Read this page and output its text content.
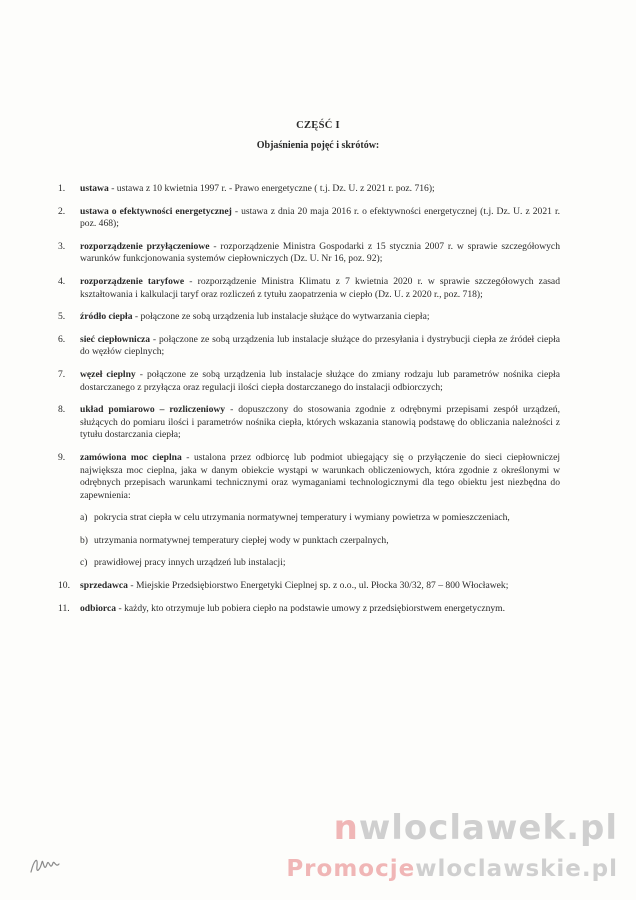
CZĘŚĆ I
Objaśnienia pojęć i skrótów:
1.	ustawa - ustawa z 10 kwietnia 1997 r. - Prawo energetyczne ( t.j. Dz. U. z 2021 r. poz. 716);
2.	ustawa o efektywności energetycznej - ustawa z dnia 20 maja 2016 r. o efektywności energetycznej (t.j. Dz. U. z 2021 r. poz. 468);
3.	rozporządzenie przyłączeniowe - rozporządzenie Ministra Gospodarki z 15 stycznia 2007 r. w sprawie szczegółowych warunków funkcjonowania systemów ciepłowniczych (Dz. U. Nr 16, poz. 92);
4.	rozporządzenie taryfowe - rozporządzenie Ministra Klimatu z 7 kwietnia 2020 r. w sprawie szczegółowych zasad kształtowania i kalkulacji taryf oraz rozliczeń z tytułu zaopatrzenia w ciepło (Dz. U. z 2020 r., poz. 718);
5.	źródło ciepła - połączone ze sobą urządzenia lub instalacje służące do wytwarzania ciepła;
6.	sieć ciepłownicza - połączone ze sobą urządzenia lub instalacje służące do przesyłania i dystrybucji ciepła ze źródeł ciepła do węzłów cieplnych;
7.	węzeł cieplny - połączone ze sobą urządzenia lub instalacje służące do zmiany rodzaju lub parametrów nośnika ciepła dostarczanego z przyłącza oraz regulacji ilości ciepła dostarczanego do instalacji odbiorczych;
8.	układ pomiarowo – rozliczeniowy - dopuszczony do stosowania zgodnie z odrębnymi przepisami zespół urządzeń, służących do pomiaru ilości i parametrów nośnika ciepła, których wskazania stanowią podstawę do obliczania należności z tytułu dostarczania ciepła;
9.	zamówiona moc cieplna - ustalona przez odbiorcę lub podmiot ubiegający się o przyłączenie do sieci ciepłowniczej największa moc cieplna, jaka w danym obiekcie wystąpi w warunkach obliczeniowych, która zgodnie z określonymi w odrębnych przepisach warunkami technicznymi oraz wymaganiami technologicznymi dla tego obiektu jest niezbędna do zapewnienia:
a) pokrycia strat ciepła w celu utrzymania normatywnej temperatury i wymiany powietrza w pomieszczeniach,
b) utrzymania normatywnej temperatury ciepłej wody w punktach czerpalnych,
c) prawidłowej pracy innych urządzeń lub instalacji;
10.	sprzedawca - Miejskie Przedsiębiorstwo Energetyki Cieplnej sp. z o.o., ul. Płocka 30/32, 87 – 800 Włocławek;
11.	odbiorca - każdy, kto otrzymuje lub pobiera ciepło na podstawie umowy z przedsiębiorstwem energetycznym.
nwloclawek.pl
Promocjewloclawskie.pl
